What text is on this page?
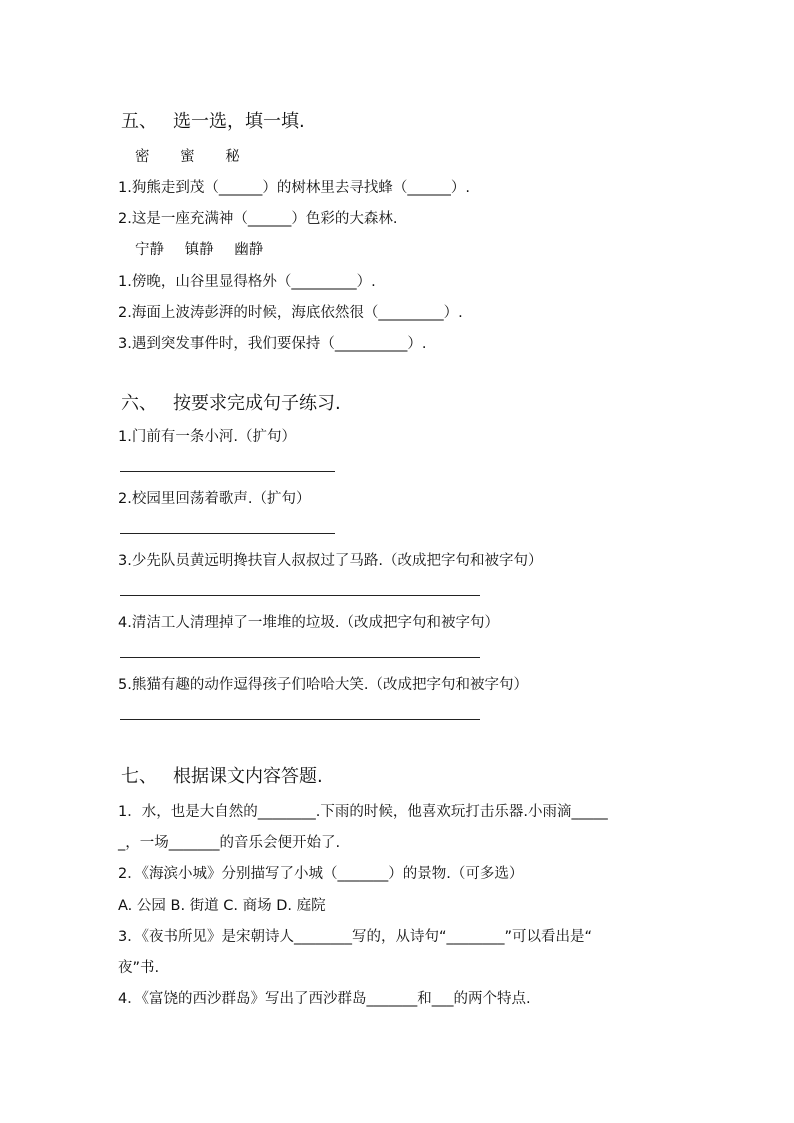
五、 选一选，填一填.
密 蜜 秘
1.狗熊走到茂（______）的树林里去寻找蜂（______）.
2.这是一座充满神（______）色彩的大森林.
宁静 镇静 幽静
1.傍晚，山谷里显得格外（_________）.
2.海面上波涛彭湃的时候，海底依然很（_________）.
3.遇到突发事件时，我们要保持（__________）.
六、 按要求完成句子练习.
1.门前有一条小河.（扩句）
2.校园里回荡着歌声.（扩句）
3.少先队员黄远明搀扶盲人叔叔过了马路.（改成把字句和被字句）
4.清洁工人清理掉了一堆堆的垃圾.（改成把字句和被字句）
5.熊猫有趣的动作逗得孩子们哈哈大笑.（改成把字句和被字句）
七、 根据课文内容答题.
1．水，也是大自然的________.下雨的时候，他喜欢玩打击乐器.小雨滴_____
_，一场_______的音乐会便开始了.
2．《海滨小城》分别描写了小城（_______）的景物.（可多选）
A. 公园 B. 街道 C. 商场 D. 庭院
3．《夜书所见》是宋朝诗人________写的，从诗句“________”可以看出是“
夜”书.
4．《富饶的西沙群岛》写出了西沙群岛_______和___的两个特点.
